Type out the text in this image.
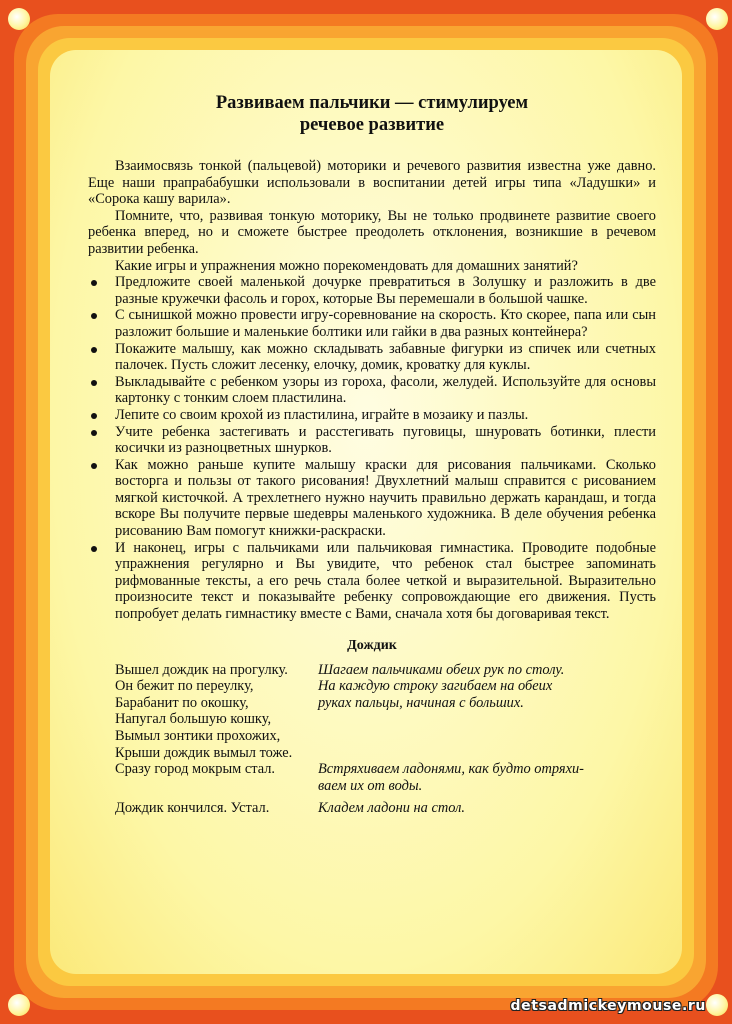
Развиваем пальчики — стимулируем
речевое развитие

Взаимосвязь тонкой (пальцевой) моторики и речевого развития известна уже давно. Еще наши прапрабабушки использовали в воспитании детей игры типа «Ладушки» и «Сорока кашу варила».

Помните, что, развивая тонкую моторику, Вы не только продвинете развитие своего ребенка вперед, но и сможете быстрее преодолеть отклонения, возникшие в речевом развитии ребенка.

Какие игры и упражнения можно порекомендовать для домашних занятий?

Предложите своей маленькой дочурке превратиться в Золушку и разложить в две разные кружечки фасоль и горох, которые Вы перемешали в большой чашке.
С сынишкой можно провести игру-соревнование на скорость. Кто скорее, папа или сын разложит большие и маленькие болтики или гайки в два разных контейнера?
Покажите малышу, как можно складывать забавные фигурки из спичек или счетных палочек. Пусть сложит лесенку, елочку, домик, кроватку для куклы.
Выкладывайте с ребенком узоры из гороха, фасоли, желудей. Используйте для основы картонку с тонким слоем пластилина.
Лепите со своим крохой из пластилина, играйте в мозаику и пазлы.
Учите ребенка застегивать и расстегивать пуговицы, шнуровать ботинки, плести косички из разноцветных шнурков.
Как можно раньше купите малышу краски для рисования пальчиками. Сколько восторга и пользы от такого рисования! Двухлетний малыш справится с рисованием мягкой кисточкой. А трехлетнего нужно научить правильно держать карандаш, и тогда вскоре Вы получите первые шедевры маленького художника. В деле обучения ребенка рисованию Вам помогут книжки-раскраски.
И наконец, игры с пальчиками или пальчиковая гимнастика. Проводите подобные упражнения регулярно и Вы увидите, что ребенок стал быстрее запоминать рифмованные тексты, а его речь стала более четкой и выразительной. Выразительно произносите текст и показывайте ребенку сопровождающие его движения. Пусть попробует делать гимнастику вместе с Вами, сначала хотя бы договаривая текст.
Дождик
Вышел дождик на прогулку.	Шагаем пальчиками обеих рук по столу.
Он бежит по переулку,	На каждую строку загибаем на обеих
Барабанит по окошку,	руках пальцы, начиная с больших.
Напугал большую кошку,
Вымыл зонтики прохожих,
Крыши дождик вымыл тоже.
Сразу город мокрым стал.	Встряхиваем ладонями, как будто отряхи-
ваем их от воды.
Дождик кончился. Устал.	Кладем ладони на стол.
detsadmickeymouse.ru
